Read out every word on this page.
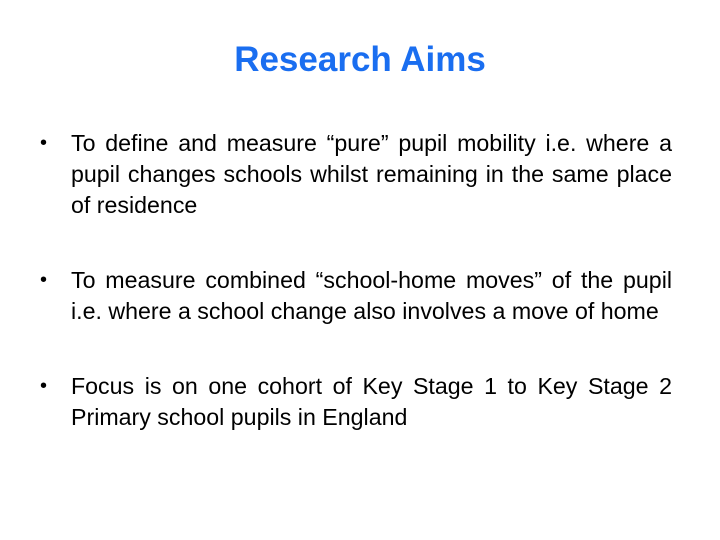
Research Aims
•	To define and measure “pure” pupil mobility i.e. where a pupil changes schools whilst remaining in the same place of residence
•	To measure combined “school-home moves” of the pupil i.e. where a school change also involves a move of home
•	Focus is on one cohort of Key Stage 1 to Key Stage 2 Primary school pupils in England
